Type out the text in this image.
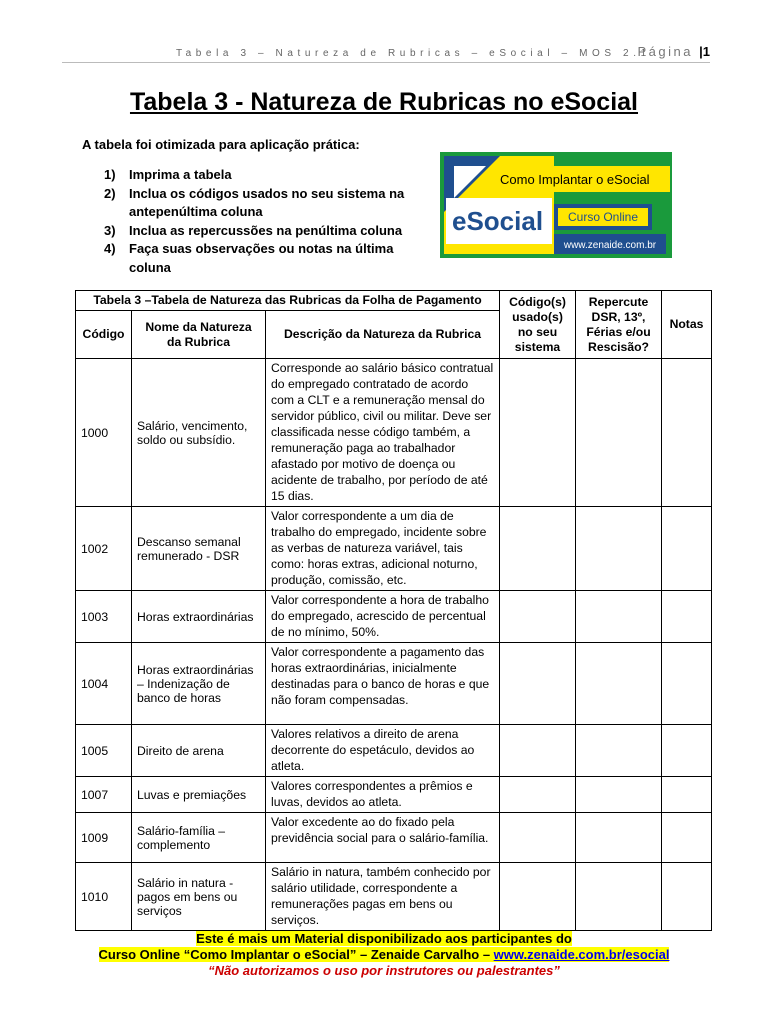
Tabela 3 – Natureza de Rubricas – eSocial – MOS 2.1
Página |1
Tabela 3 - Natureza de Rubricas no eSocial
A tabela foi otimizada para aplicação prática:
1) Imprima a tabela
2) Inclua os códigos usados no seu sistema na antepenúltima coluna
3) Inclua as repercussões na penúltima coluna
4) Faça suas observações ou notas na última coluna
eSocial
Como Implantar o eSocial
Curso Online
www.zenaide.com.br
Tabela 3 –Tabela de Natureza das Rubricas da Folha de Pagamento			Código(s) usado(s) no seu sistema	Repercute DSR, 13º, Férias e/ou Rescisão?	Notas
Código	Nome da Natureza da Rubrica	Descrição da Natureza da Rubrica			
1000	Salário, vencimento, soldo ou subsídio.	Corresponde ao salário básico contratual do empregado contratado de acordo com a CLT e a remuneração mensal do servidor público, civil ou militar. Deve ser classificada nesse código também, a remuneração paga ao trabalhador afastado por motivo de doença ou acidente de trabalho, por período de até 15 dias.			
1002	Descanso semanal remunerado - DSR	Valor correspondente a um dia de trabalho do empregado, incidente sobre as verbas de natureza variável, tais como: horas extras, adicional noturno, produção, comissão, etc.			
1003	Horas extraordinárias	Valor correspondente a hora de trabalho do empregado, acrescido de percentual de no mínimo, 50%.			
1004	Horas extraordinárias – Indenização de banco de horas	Valor correspondente a pagamento das horas extraordinárias, inicialmente destinadas para o banco de horas e que não foram compensadas.			
1005	Direito de arena	Valores relativos a direito de arena decorrente do espetáculo, devidos ao atleta.			
1007	Luvas e premiações	Valores correspondentes a prêmios e luvas, devidos ao atleta.			
1009	Salário-família – complemento	Valor excedente ao do fixado pela previdência social para o salário-família.			
1010	Salário in natura - pagos em bens ou serviços	Salário in natura, também conhecido por salário utilidade, correspondente a remunerações pagas em bens ou serviços.			
Este é mais um Material disponibilizado aos participantes do
Curso Online “Como Implantar o eSocial” – Zenaide Carvalho – www.zenaide.com.br/esocial
“Não autorizamos o uso por instrutores ou palestrantes”
